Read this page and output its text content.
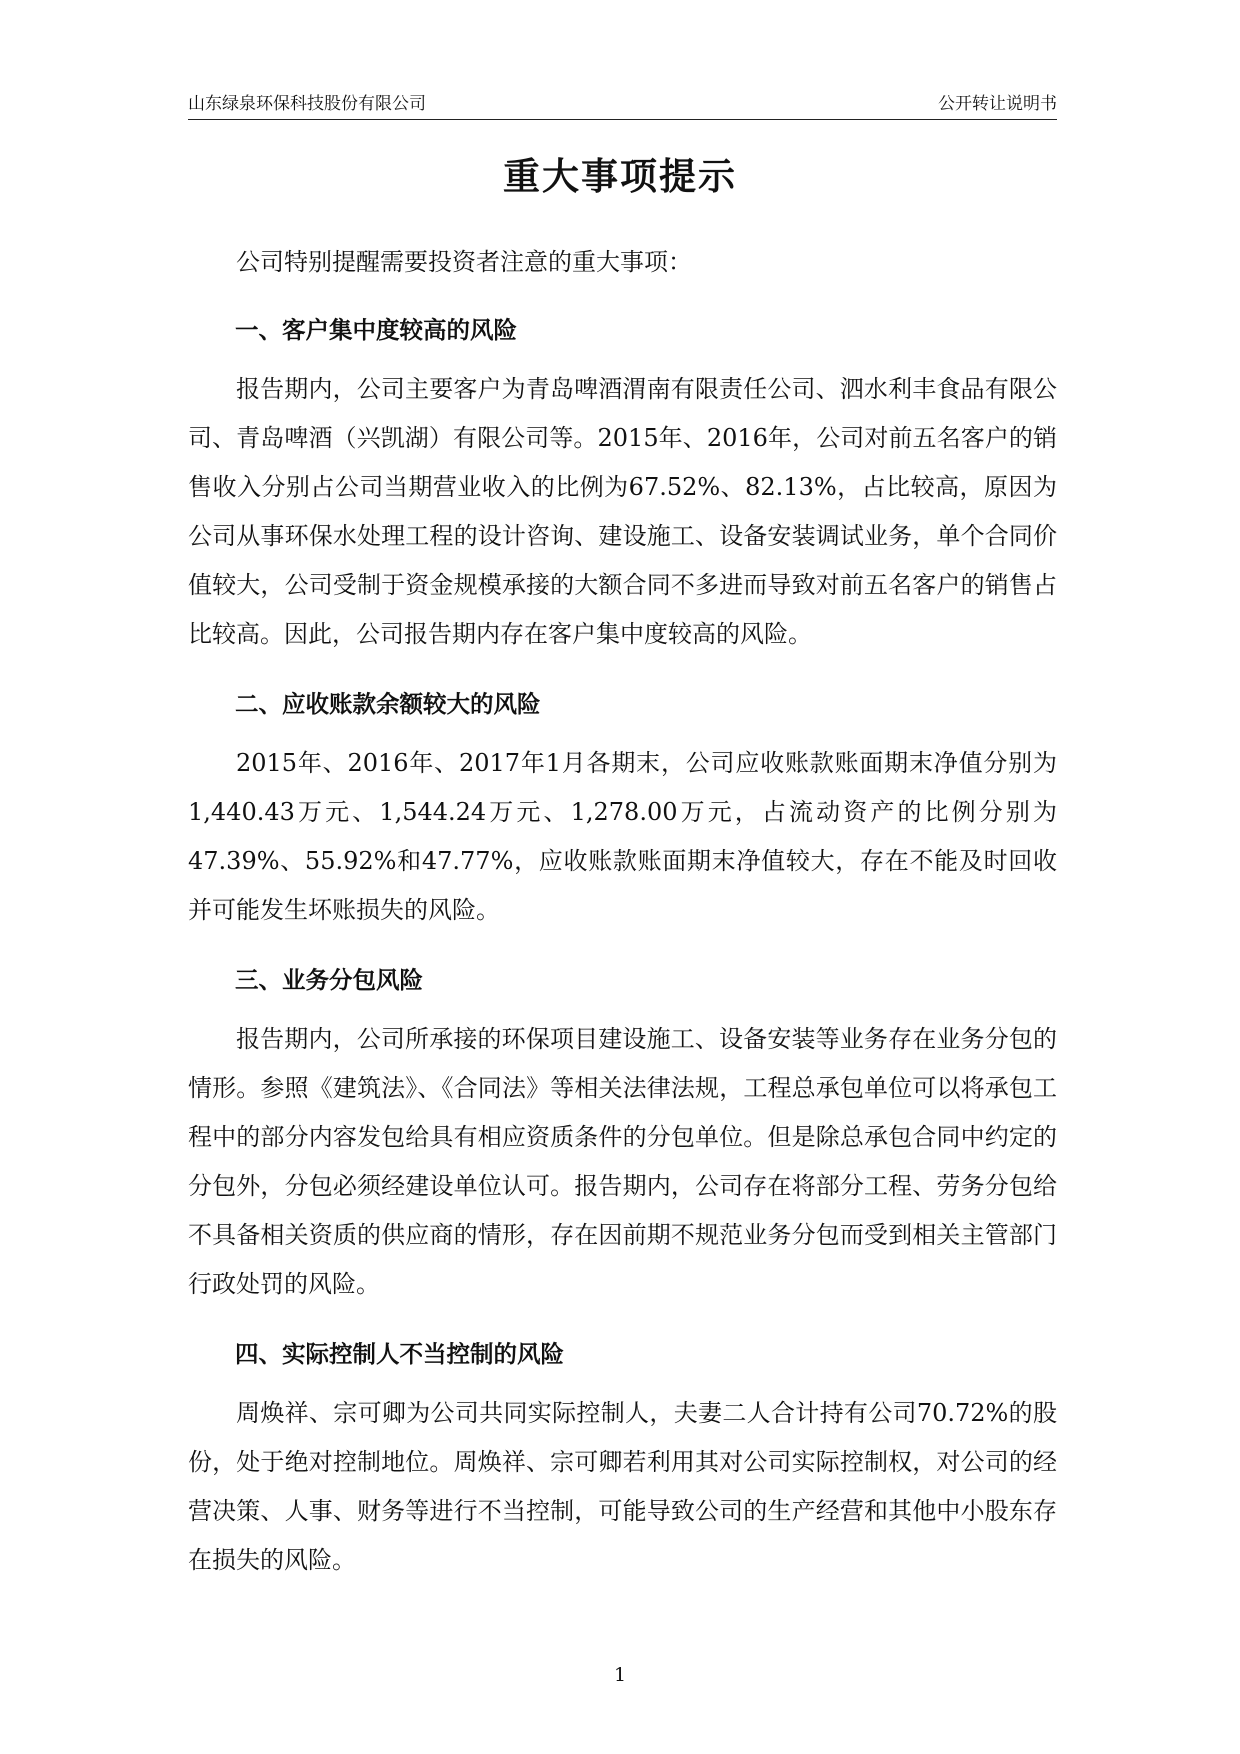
山东绿泉环保科技股份有限公司	公开转让说明书
重大事项提示

公司特别提醒需要投资者注意的重大事项：

一、客户集中度较高的风险

报告期内，公司主要客户为青岛啤酒渭南有限责任公司、泗水利丰食品有限公司、青岛啤酒（兴凯湖）有限公司等。2015年、2016年，公司对前五名客户的销售收入分别占公司当期营业收入的比例为67.52%、82.13%，占比较高，原因为公司从事环保水处理工程的设计咨询、建设施工、设备安装调试业务，单个合同价值较大，公司受制于资金规模承接的大额合同不多进而导致对前五名客户的销售占比较高。因此，公司报告期内存在客户集中度较高的风险。

二、应收账款余额较大的风险

2015年、2016年、2017年1月各期末，公司应收账款账面期末净值分别为1,440.43万元、1,544.24万元、1,278.00万元，占流动资产的比例分别为47.39%、55.92%和47.77%，应收账款账面期末净值较大，存在不能及时回收并可能发生坏账损失的风险。

三、业务分包风险

报告期内，公司所承接的环保项目建设施工、设备安装等业务存在业务分包的情形。参照《建筑法》、《合同法》等相关法律法规，工程总承包单位可以将承包工程中的部分内容发包给具有相应资质条件的分包单位。但是除总承包合同中约定的分包外，分包必须经建设单位认可。报告期内，公司存在将部分工程、劳务分包给不具备相关资质的供应商的情形，存在因前期不规范业务分包而受到相关主管部门行政处罚的风险。

四、实际控制人不当控制的风险

周焕祥、宗可卿为公司共同实际控制人，夫妻二人合计持有公司70.72%的股份，处于绝对控制地位。周焕祥、宗可卿若利用其对公司实际控制权，对公司的经营决策、人事、财务等进行不当控制，可能导致公司的生产经营和其他中小股东存在损失的风险。

1
